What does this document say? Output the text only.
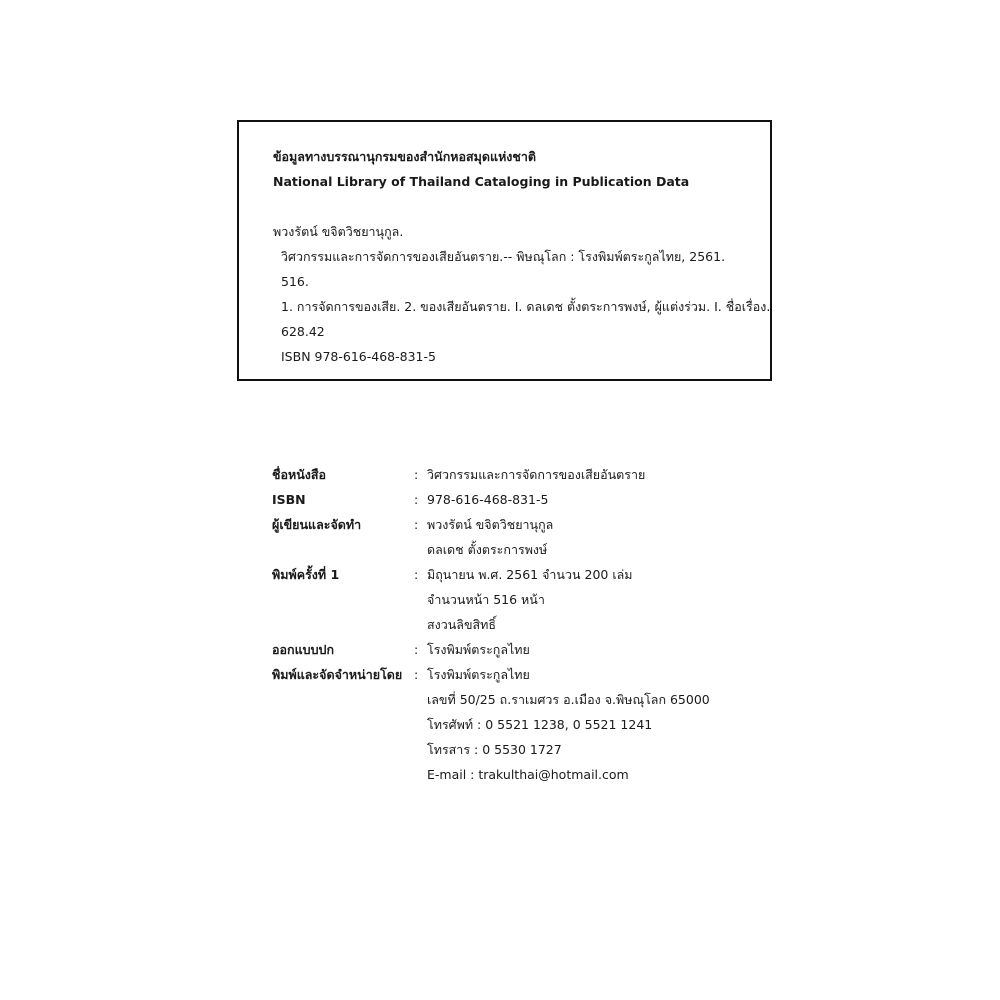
ข้อมูลทางบรรณานุกรมของสำนักหอสมุดแห่งชาติ
National Library of Thailand Cataloging in Publication Data
พวงรัตน์ ขจิตวิชยานุกูล.
วิศวกรรมและการจัดการของเสียอันตราย.-- พิษณุโลก : โรงพิมพ์ตระกูลไทย, 2561.
516.
1. การจัดการของเสีย. 2. ของเสียอันตราย. I. ดลเดช ตั้งตระการพงษ์, ผู้แต่งร่วม. I. ชื่อเรื่อง.
628.42
ISBN 978-616-468-831-5
ชื่อหนังสือ	: วิศวกรรมและการจัดการของเสียอันตราย
ISBN	: 978-616-468-831-5
ผู้เขียนและจัดทำ	: พวงรัตน์ ขจิตวิชยานุกูล
ดลเดช ตั้งตระการพงษ์
พิมพ์ครั้งที่ 1	: มิถุนายน พ.ศ. 2561 จำนวน 200 เล่ม
จำนวนหน้า 516 หน้า
สงวนลิขสิทธิ์
ออกแบบปก	: โรงพิมพ์ตระกูลไทย
พิมพ์และจัดจำหน่ายโดย : โรงพิมพ์ตระกูลไทย
เลขที่ 50/25 ถ.ราเมศวร อ.เมือง จ.พิษณุโลก 65000
โทรศัพท์ : 0 5521 1238, 0 5521 1241
โทรสาร : 0 5530 1727
E-mail : trakulthai@hotmail.com
